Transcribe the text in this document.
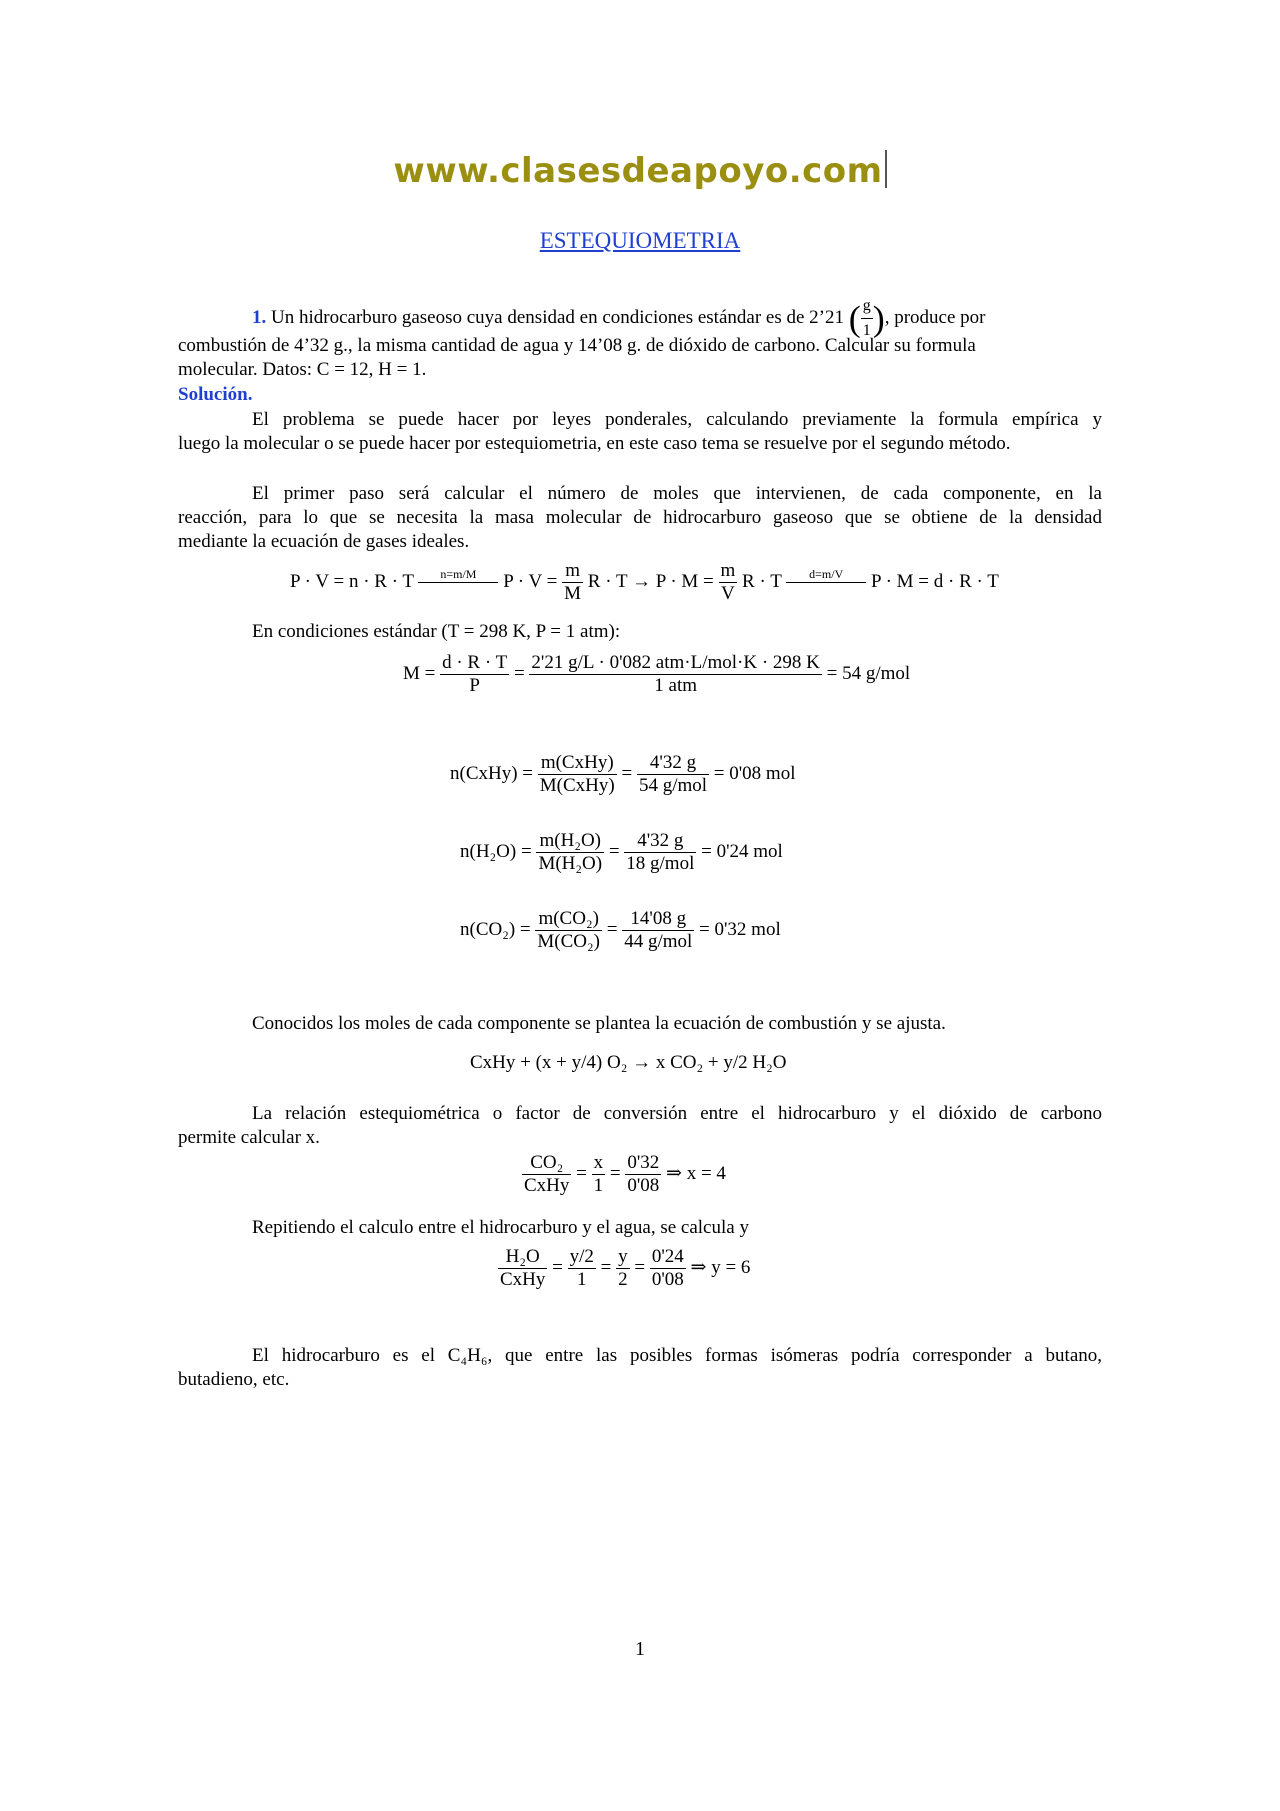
www.clasesdeapoyo.com
ESTEQUIOMETRIA
1. Un hidrocarburo gaseoso cuya densidad en condiciones estándar es de 2’21 ( $\frac{g}{1}$ ), produce por
combustión de 4’32 g., la misma cantidad de agua y 14’08 g. de dióxido de carbono. Calcular su formula
molecular. Datos: C = 12, H = 1.
Solución.
El problema se puede hacer por leyes ponderales, calculando previamente la formula empírica y
luego la molecular o se puede hacer por estequiometria, en este caso tema se resuelve por el segundo método.
El primer paso será calcular el número de moles que intervienen, de cada componente, en la
reacción, para lo que se necesita la masa molecular de hidrocarburo gaseoso que se obtiene de la densidad
mediante la ecuación de gases ideales.
P · V = n · R · T	n=m/M
	$P \cdot V = \frac{m}{M}$ $R \cdot T \to P \cdot M = \frac{m}{V}$ R · T	d=m/V
	P · M = d · R · T
En condiciones estándar (T = 298 K, P = 1 atm):
$M = \frac{d \cdot R \cdot T}{P} = \frac{\text{2'21 g/L · 0'082 atm·L/mol·K · 298 K}}{\text{1 atm}} = 54$ g/mol
n(CxHy) = $\frac{\text{m(CxHy)}}{\text{M(CxHy)}} = \frac{4'32 g}{\text{54 g/mol}} = 0'08$ mol
$n(H_2O) = \frac{\text{m(H₂O)}}{\text{M(H₂O)}} = \frac{4'32 g}{\text{18 g/mol}} = 0'24$ mol
$n(CO_2) = \frac{\text{m(CO₂)}}{\text{M(CO₂)}} = \frac{14'08 g}{\text{44 g/mol}} = 0'32$ mol
Conocidos los moles de cada componente se plantea la ecuación de combustión y se ajusta.
CxHy + (x + y/4) O₂ → x CO₂ + y/2 H₂O
La relación estequiométrica o factor de conversión entre el hidrocarburo y el dióxido de carbono
permite calcular x.
$\frac{\text{CO₂}}{\text{CxHy}} = \frac{x}{1} = \frac{0'32}{0'08}$ ⇒ x = 4
Repitiendo el calculo entre el hidrocarburo y el agua, se calcula y
$\frac{\text{H₂O}}{\text{CxHy}} = \frac{y/2}{1} = \frac{y}{2} = \frac{0'24}{0'08}$ ⇒ y = 6
El hidrocarburo es el C₄H₆, que entre las posibles formas isómeras podría corresponder a butano,
butadieno, etc.
1
